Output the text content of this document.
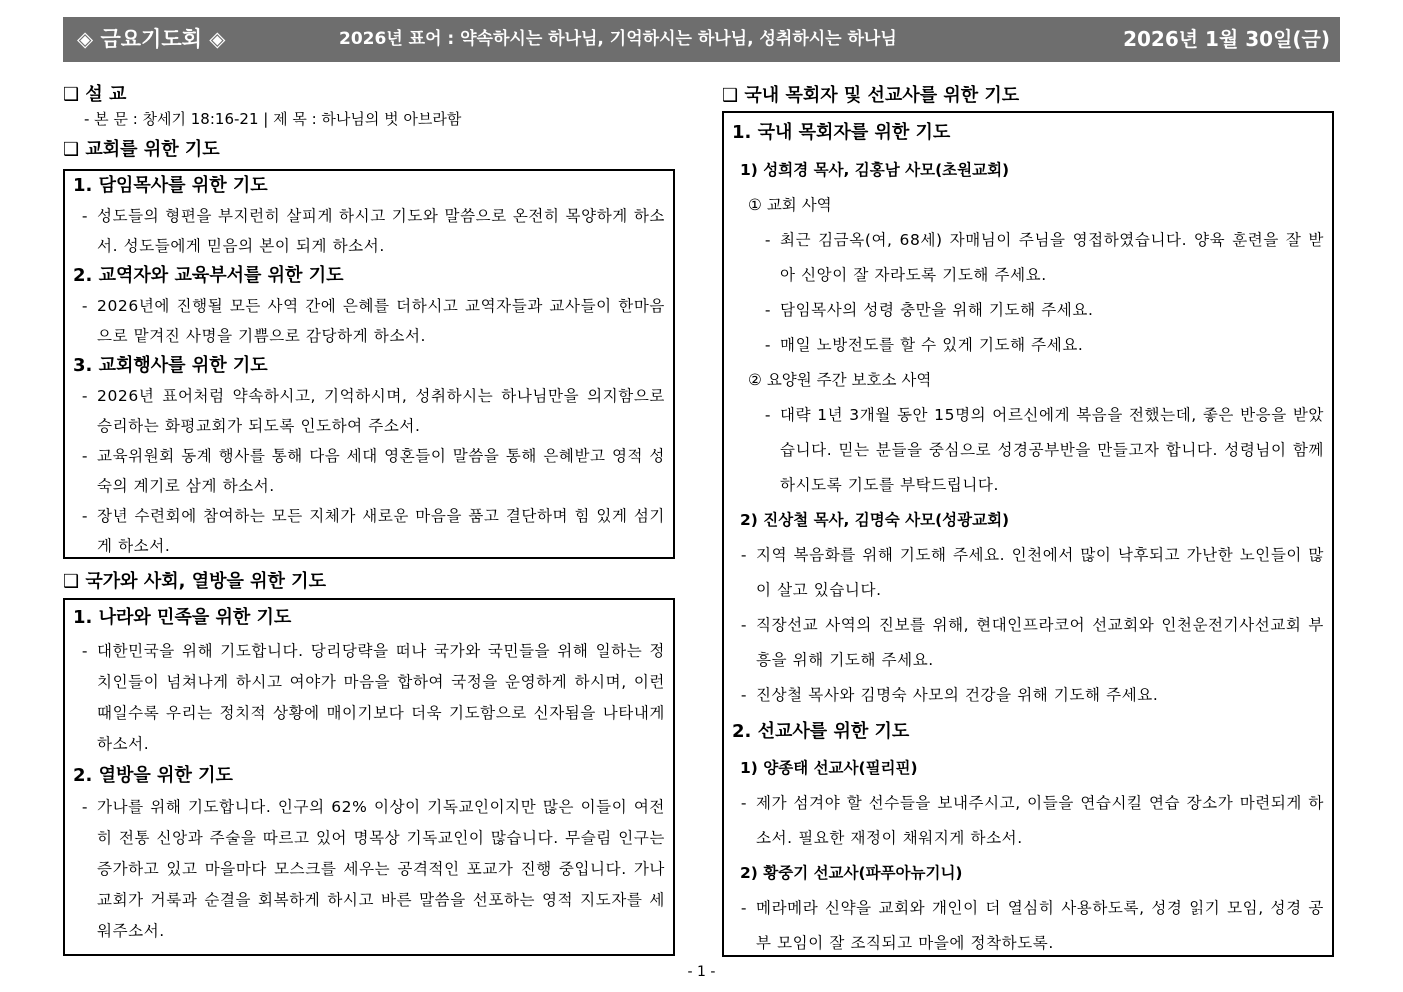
◈ 금요기도회 ◈	2026년 표어 : 약속하시는 하나님, 기억하시는 하나님, 성취하시는 하나님	2026년 1월 30일(금)
❑ 설 교
- 본 문 : 창세기 18:16-21 | 제 목 : 하나님의 벗 아브라함
❑ 교회를 위한 기도
1. 담임목사를 위한 기도
- 성도들의 형편을 부지런히 살피게 하시고 기도와 말씀으로 온전히 목양하게 하소서. 성도들에게 믿음의 본이 되게 하소서.
2. 교역자와 교육부서를 위한 기도
- 2026년에 진행될 모든 사역 간에 은혜를 더하시고 교역자들과 교사들이 한마음으로 맡겨진 사명을 기쁨으로 감당하게 하소서.
3. 교회행사를 위한 기도
- 2026년 표어처럼 약속하시고, 기억하시며, 성취하시는 하나님만을 의지함으로 승리하는 화평교회가 되도록 인도하여 주소서.
- 교육위원회 동계 행사를 통해 다음 세대 영혼들이 말씀을 통해 은혜받고 영적 성숙의 계기로 삼게 하소서.
- 장년 수련회에 참여하는 모든 지체가 새로운 마음을 품고 결단하며 힘 있게 섬기게 하소서.
❑ 국가와 사회, 열방을 위한 기도
1. 나라와 민족을 위한 기도
- 대한민국을 위해 기도합니다. 당리당략을 떠나 국가와 국민들을 위해 일하는 정치인들이 넘쳐나게 하시고 여야가 마음을 합하여 국정을 운영하게 하시며, 이런 때일수록 우리는 정치적 상황에 매이기보다 더욱 기도함으로 신자됨을 나타내게 하소서.
2. 열방을 위한 기도
- 가나를 위해 기도합니다. 인구의 62% 이상이 기독교인이지만 많은 이들이 여전히 전통 신앙과 주술을 따르고 있어 명목상 기독교인이 많습니다. 무슬림 인구는 증가하고 있고 마을마다 모스크를 세우는 공격적인 포교가 진행 중입니다. 가나 교회가 거룩과 순결을 회복하게 하시고 바른 말씀을 선포하는 영적 지도자를 세워주소서.
❑ 국내 목회자 및 선교사를 위한 기도
1. 국내 목회자를 위한 기도
1) 성희경 목사, 김홍남 사모(초원교회)
① 교회 사역
- 최근 김금옥(여, 68세) 자매님이 주님을 영접하였습니다. 양육 훈련을 잘 받아 신앙이 잘 자라도록 기도해 주세요.
- 담임목사의 성령 충만을 위해 기도해 주세요.
- 매일 노방전도를 할 수 있게 기도해 주세요.
② 요양원 주간 보호소 사역
- 대략 1년 3개월 동안 15명의 어르신에게 복음을 전했는데, 좋은 반응을 받았습니다. 믿는 분들을 중심으로 성경공부반을 만들고자 합니다. 성령님이 함께하시도록 기도를 부탁드립니다.
2) 진상철 목사, 김명숙 사모(성광교회)
- 지역 복음화를 위해 기도해 주세요. 인천에서 많이 낙후되고 가난한 노인들이 많이 살고 있습니다.
- 직장선교 사역의 진보를 위해, 현대인프라코어 선교회와 인천운전기사선교회 부흥을 위해 기도해 주세요.
- 진상철 목사와 김명숙 사모의 건강을 위해 기도해 주세요.
2. 선교사를 위한 기도
1) 양종태 선교사(필리핀)
- 제가 섬겨야 할 선수들을 보내주시고, 이들을 연습시킬 연습 장소가 마련되게 하소서. 필요한 재정이 채워지게 하소서.
2) 황중기 선교사(파푸아뉴기니)
- 메라메라 신약을 교회와 개인이 더 열심히 사용하도록, 성경 읽기 모임, 성경 공부 모임이 잘 조직되고 마을에 정착하도록.
- 1 -
